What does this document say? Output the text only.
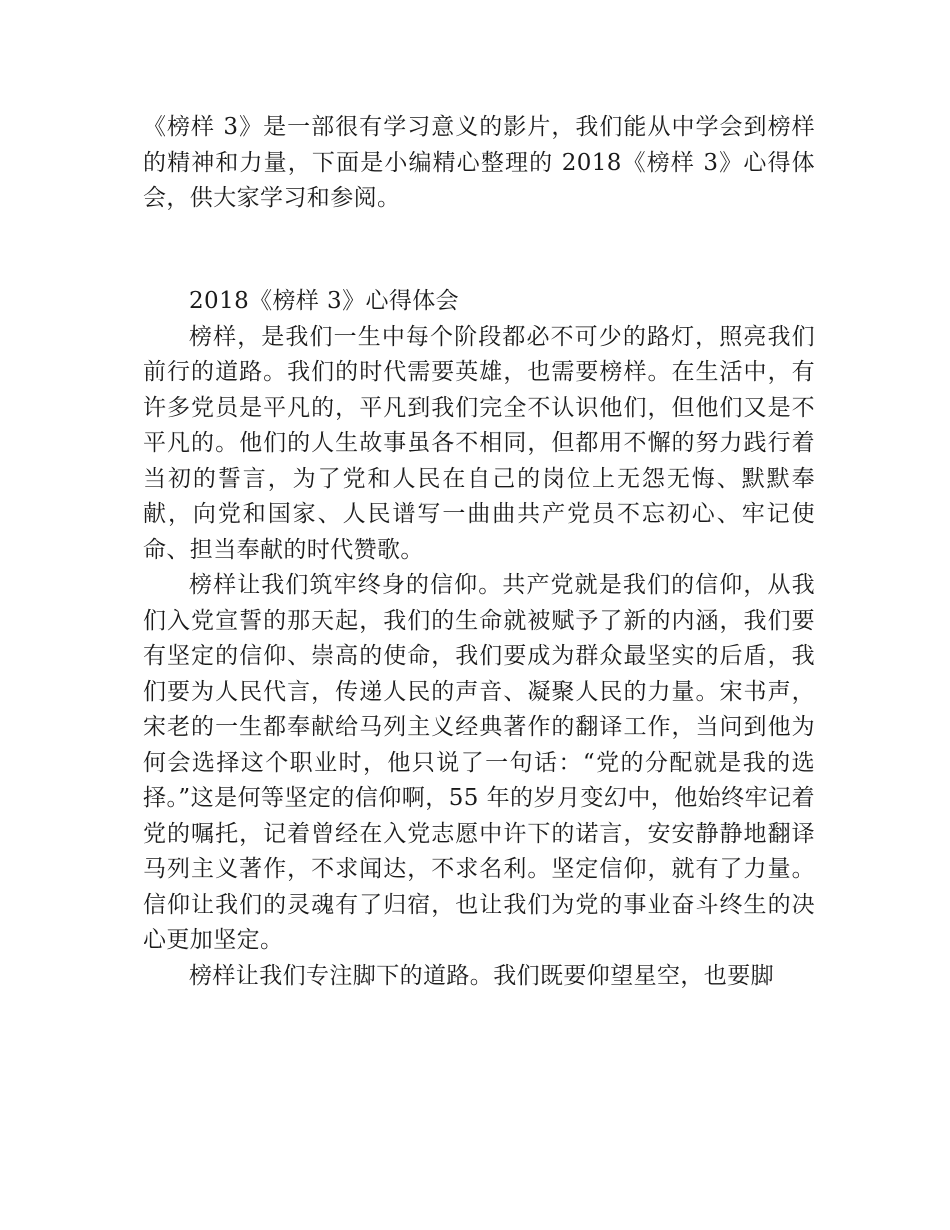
《榜样 3》是一部很有学习意义的影片，我们能从中学会到榜样的精神和力量，下面是小编精心整理的 2018《榜样 3》心得体会，供大家学习和参阅。

2018《榜样 3》心得体会

榜样，是我们一生中每个阶段都必不可少的路灯，照亮我们前行的道路。我们的时代需要英雄，也需要榜样。在生活中，有许多党员是平凡的，平凡到我们完全不认识他们，但他们又是不平凡的。他们的人生故事虽各不相同，但都用不懈的努力践行着当初的誓言，为了党和人民在自己的岗位上无怨无悔、默默奉献，向党和国家、人民谱写一曲曲共产党员不忘初心、牢记使命、担当奉献的时代赞歌。

榜样让我们筑牢终身的信仰。共产党就是我们的信仰，从我们入党宣誓的那天起，我们的生命就被赋予了新的内涵，我们要有坚定的信仰、崇高的使命，我们要成为群众最坚实的后盾，我们要为人民代言，传递人民的声音、凝聚人民的力量。宋书声，宋老的一生都奉献给马列主义经典著作的翻译工作，当问到他为何会选择这个职业时，他只说了一句话：“党的分配就是我的选择。”这是何等坚定的信仰啊，55 年的岁月变幻中，他始终牢记着党的嘱托，记着曾经在入党志愿中许下的诺言，安安静静地翻译马列主义著作，不求闻达，不求名利。坚定信仰，就有了力量。信仰让我们的灵魂有了归宿，也让我们为党的事业奋斗终生的决心更加坚定。

榜样让我们专注脚下的道路。我们既要仰望星空，也要脚
